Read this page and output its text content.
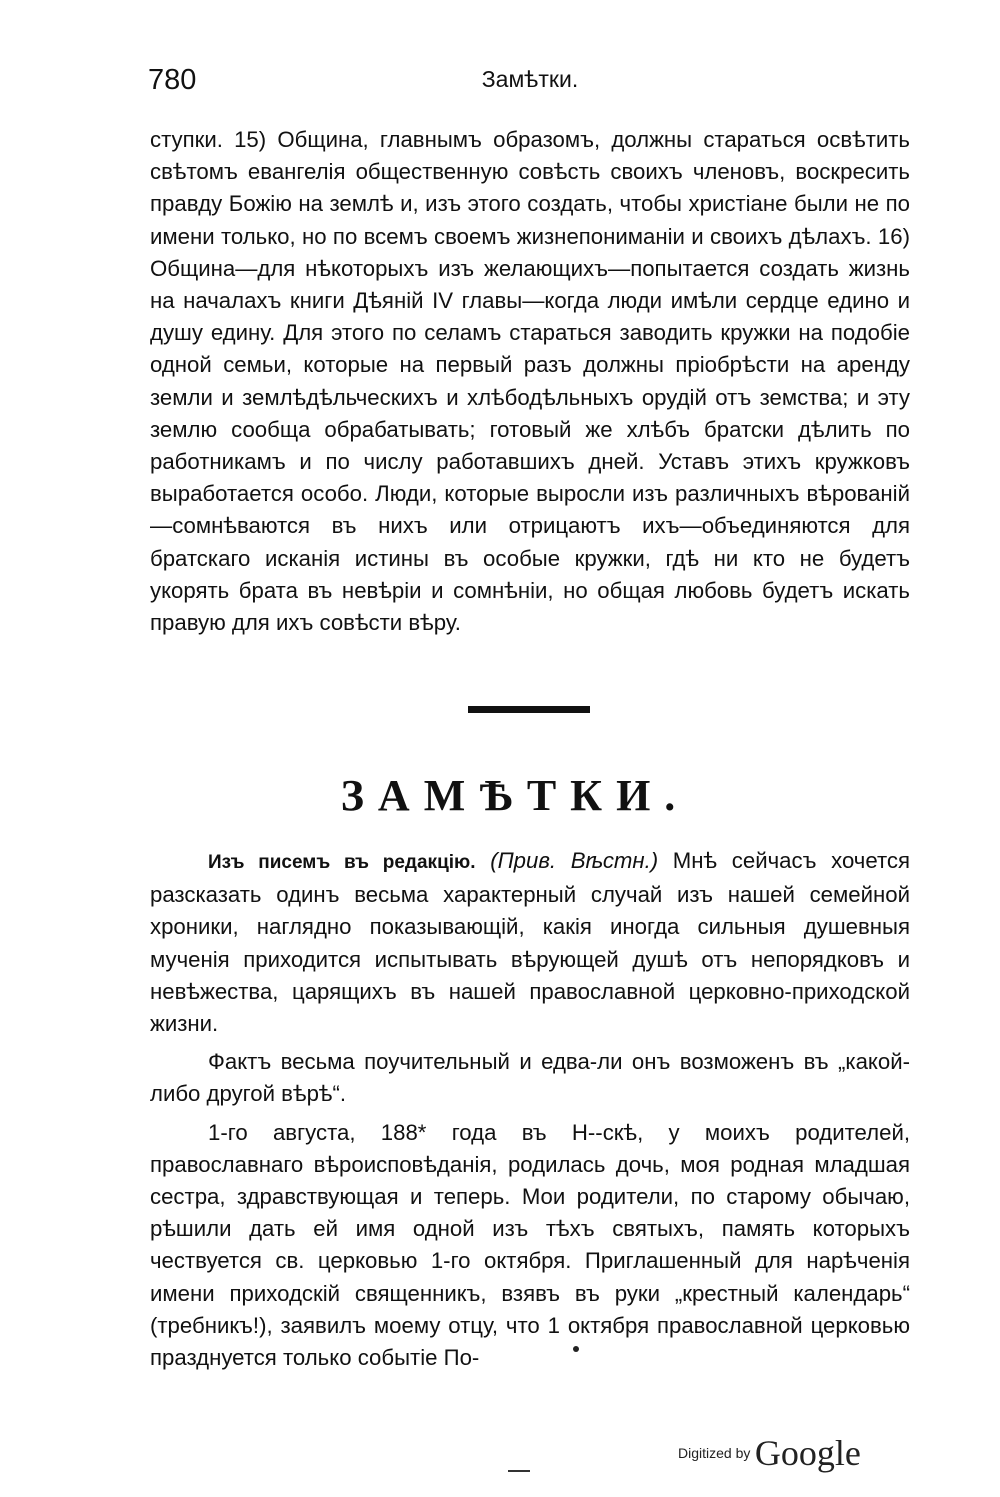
780	Замѣтки.

ступки. 15) Община, главнымъ образомъ, должны стараться освѣтить свѣтомъ евангелія общественную совѣсть своихъ членовъ, воскресить правду Божію на землѣ и, изъ этого создать, чтобы христіане были не по имени только, но по всемъ своемъ жизнепониманіи и своихъ дѣлахъ. 16) Община—для нѣкоторыхъ изъ желающихъ—попытается создать жизнь на началахъ книги Дѣяній IV главы—когда люди имѣли сердце едино и душу едину. Для этого по селамъ стараться заводить кружки на подобіе одной семьи, которые на первый разъ должны пріобрѣсти на аренду земли и землѣдѣльческихъ и хлѣбодѣльныхъ орудій отъ земства; и эту землю сообща обрабатывать; готовый же хлѣбъ братски дѣлить по работникамъ и по числу работавшихъ дней. Уставъ этихъ кружковъ выработается особо. Люди, которые выросли изъ различныхъ вѣрованій—сомнѣваются въ нихъ или отрицаютъ ихъ—объединяются для братскаго исканія истины въ особые кружки, гдѣ ни кто не будетъ укорять брата въ невѣріи и сомнѣніи, но общая любовь будетъ искать правую для ихъ совѣсти вѣру.

ЗАМѢТКИ.

Изъ писемъ въ редакцію. (Прив. Вѣстн.) Мнѣ сейчасъ хочется разсказать одинъ весьма характерный случай изъ нашей семейной хроники, наглядно показывающій, какія иногда сильныя душевныя мученія приходится испытывать вѣрующей душѣ отъ непорядковъ и невѣжества, царящихъ въ нашей православной церковно-приходской жизни.

Фактъ весьма поучительный и едва-ли онъ возможенъ въ „какой-либо другой вѣрѣ“.

1-го августа, 188* года въ Н--скѣ, у моихъ родителей, православнаго вѣроисповѣданія, родилась дочь, моя родная младшая сестра, здравствующая и теперь. Мои родители, по старому обычаю, рѣшили дать ей имя одной изъ тѣхъ святыхъ, память которыхъ чествуется св. церковью 1-го октября. Приглашенный для нарѣченія имени приходскій священникъ, взявъ въ руки „крестный календарь“ (требникъ!), заявилъ моему отцу, что 1 октября православной церковью празднуется только событіе По-

Digitized by Google
